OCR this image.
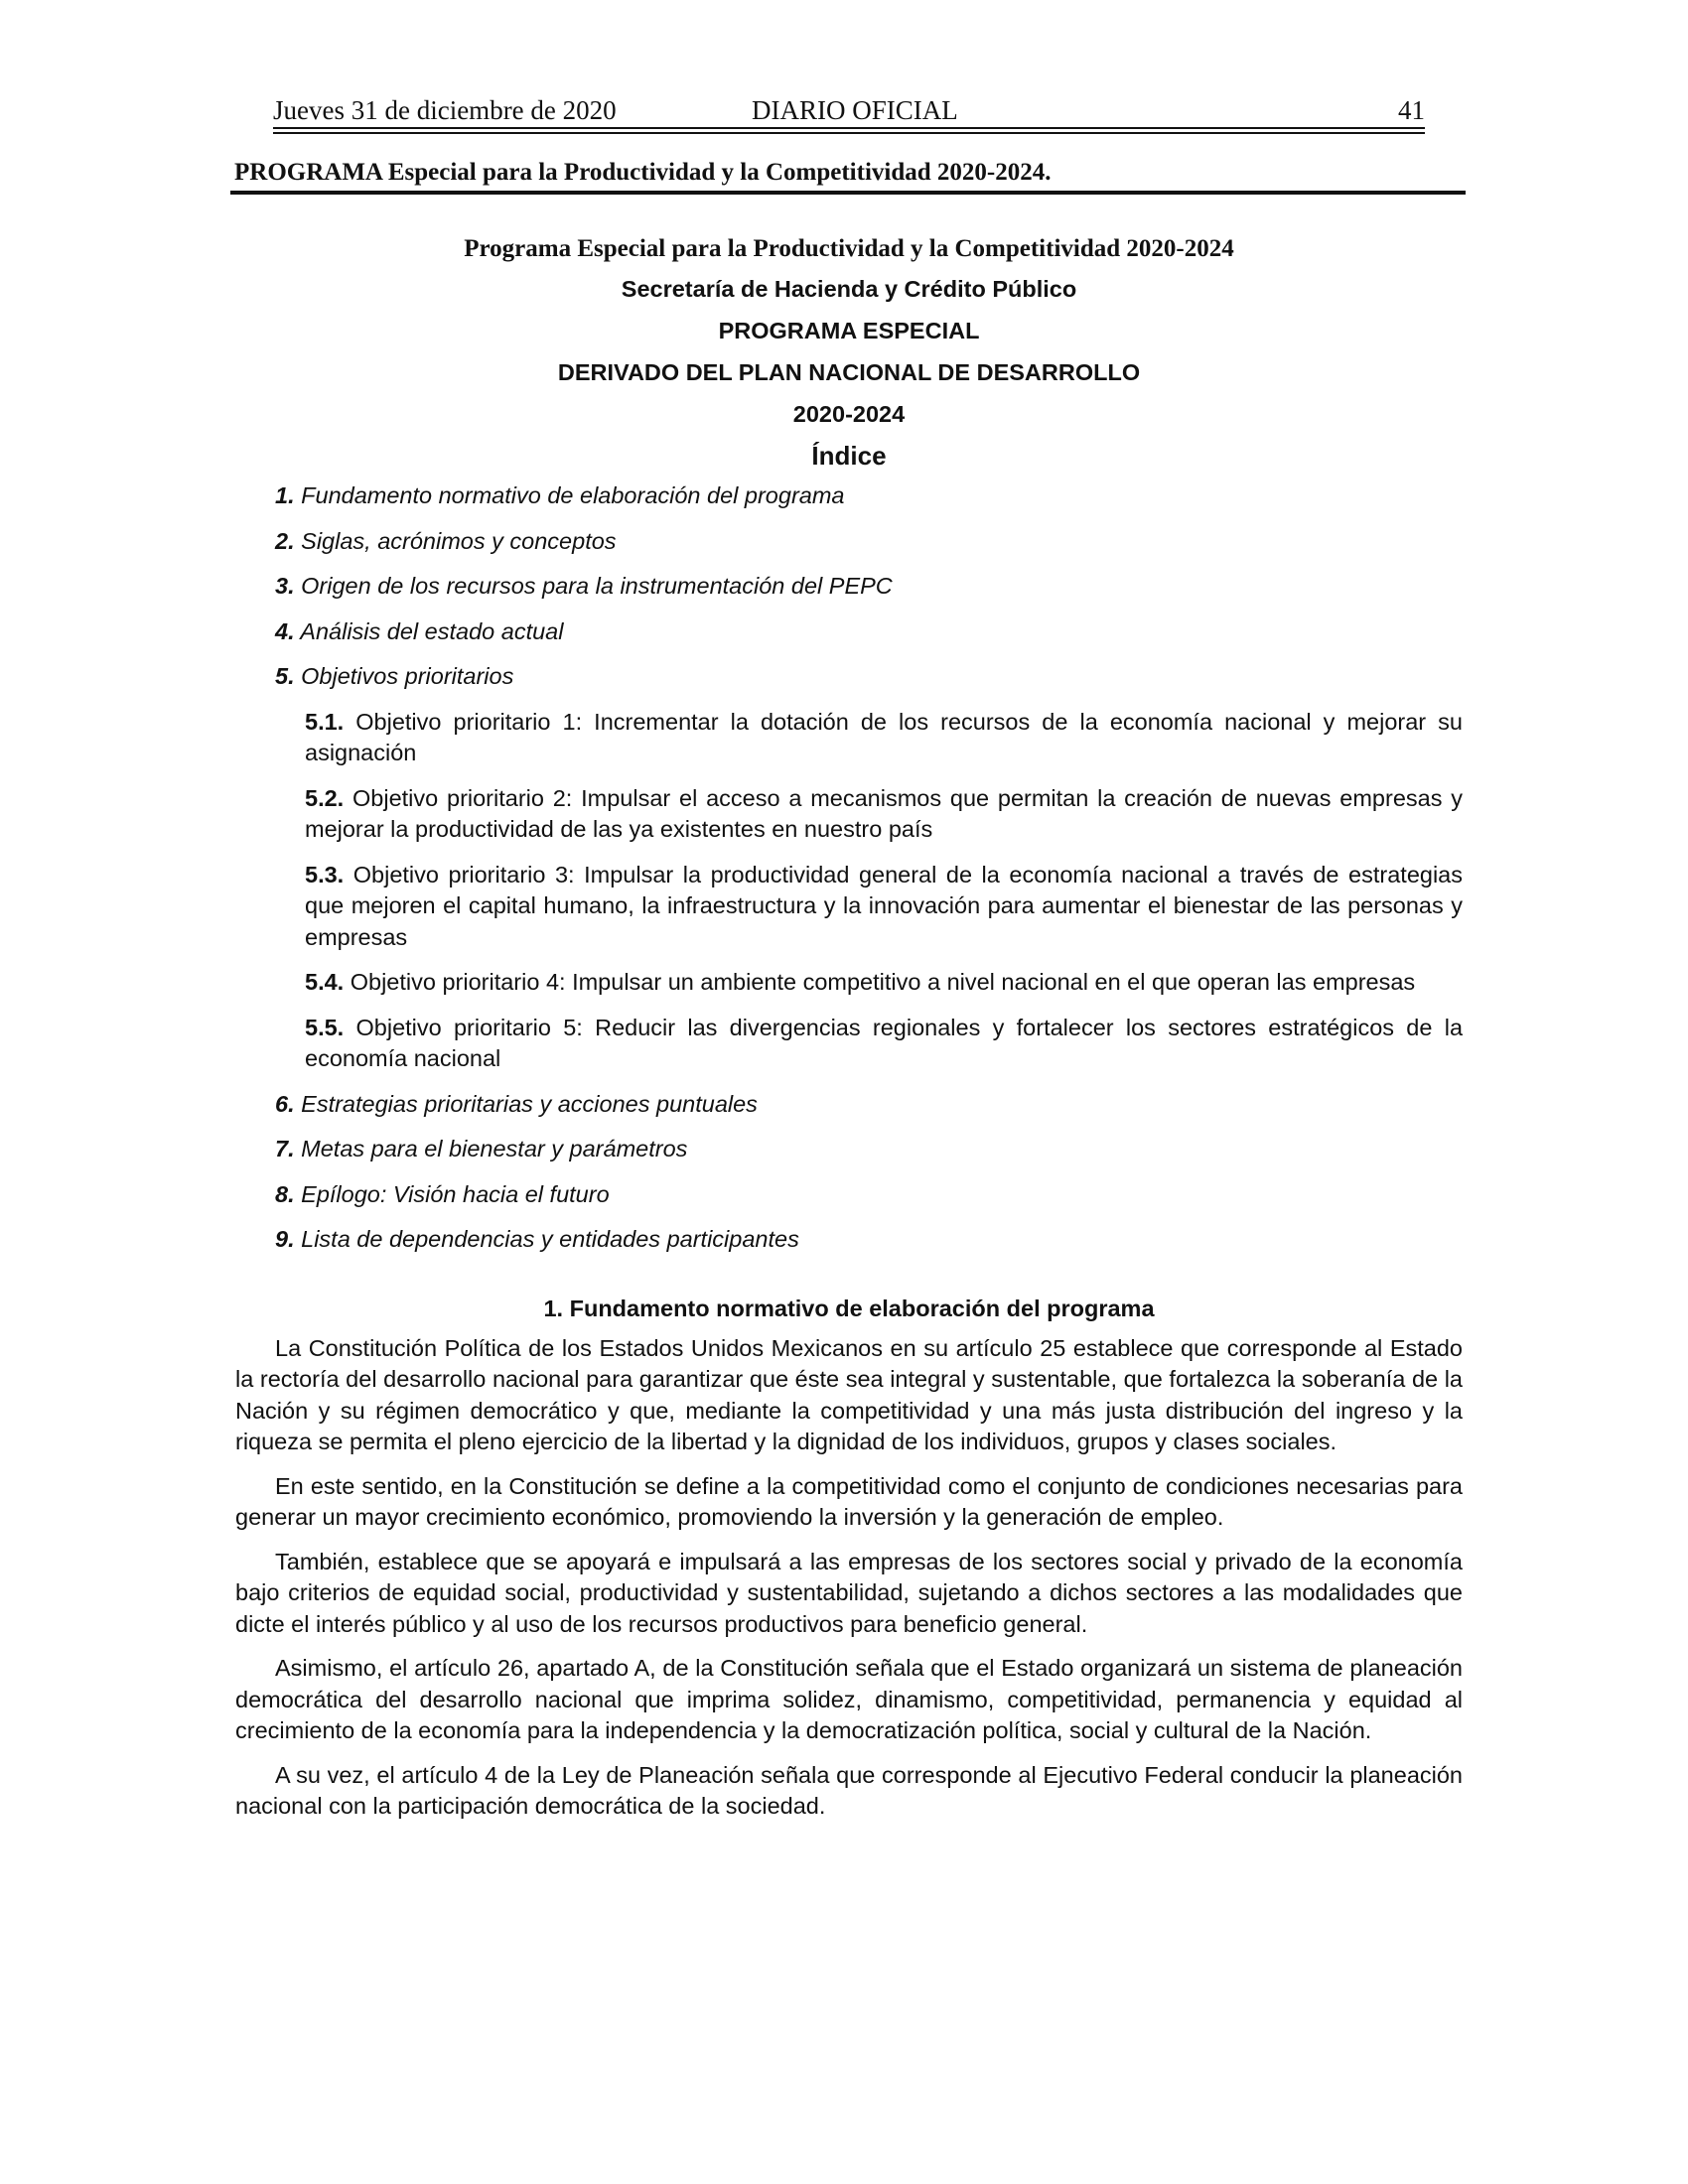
Jueves 31 de diciembre de 2020	DIARIO OFICIAL	41
PROGRAMA Especial para la Productividad y la Competitividad 2020-2024.
Programa Especial para la Productividad y la Competitividad 2020-2024
Secretaría de Hacienda y Crédito Público
PROGRAMA ESPECIAL
DERIVADO DEL PLAN NACIONAL DE DESARROLLO
2020-2024
Índice
1. Fundamento normativo de elaboración del programa
2. Siglas, acrónimos y conceptos
3. Origen de los recursos para la instrumentación del PEPC
4. Análisis del estado actual
5. Objetivos prioritarios
5.1. Objetivo prioritario 1: Incrementar la dotación de los recursos de la economía nacional y mejorar su asignación
5.2. Objetivo prioritario 2: Impulsar el acceso a mecanismos que permitan la creación de nuevas empresas y mejorar la productividad de las ya existentes en nuestro país
5.3. Objetivo prioritario 3: Impulsar la productividad general de la economía nacional a través de estrategias que mejoren el capital humano, la infraestructura y la innovación para aumentar el bienestar de las personas y empresas
5.4. Objetivo prioritario 4: Impulsar un ambiente competitivo a nivel nacional en el que operan las empresas
5.5. Objetivo prioritario 5: Reducir las divergencias regionales y fortalecer los sectores estratégicos de la economía nacional
6. Estrategias prioritarias y acciones puntuales
7. Metas para el bienestar y parámetros
8. Epílogo: Visión hacia el futuro
9. Lista de dependencias y entidades participantes
1. Fundamento normativo de elaboración del programa

La Constitución Política de los Estados Unidos Mexicanos en su artículo 25 establece que corresponde al Estado la rectoría del desarrollo nacional para garantizar que éste sea integral y sustentable, que fortalezca la soberanía de la Nación y su régimen democrático y que, mediante la competitividad y una más justa distribución del ingreso y la riqueza se permita el pleno ejercicio de la libertad y la dignidad de los individuos, grupos y clases sociales.

En este sentido, en la Constitución se define a la competitividad como el conjunto de condiciones necesarias para generar un mayor crecimiento económico, promoviendo la inversión y la generación de empleo.

También, establece que se apoyará e impulsará a las empresas de los sectores social y privado de la economía bajo criterios de equidad social, productividad y sustentabilidad, sujetando a dichos sectores a las modalidades que dicte el interés público y al uso de los recursos productivos para beneficio general.

Asimismo, el artículo 26, apartado A, de la Constitución señala que el Estado organizará un sistema de planeación democrática del desarrollo nacional que imprima solidez, dinamismo, competitividad, permanencia y equidad al crecimiento de la economía para la independencia y la democratización política, social y cultural de la Nación.

A su vez, el artículo 4 de la Ley de Planeación señala que corresponde al Ejecutivo Federal conducir la planeación nacional con la participación democrática de la sociedad.
